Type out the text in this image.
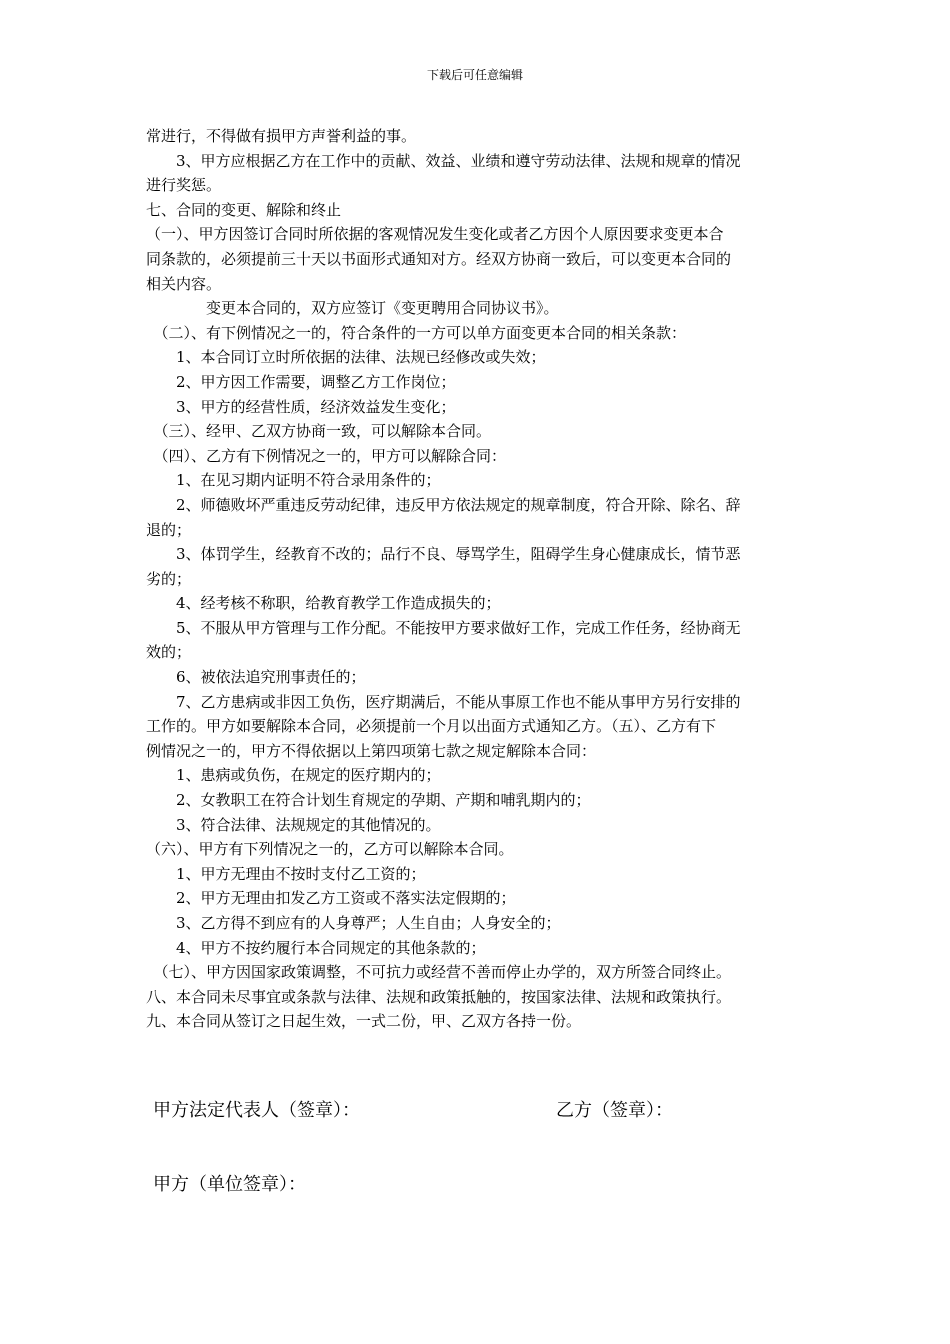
下载后可任意编辑
常进行，不得做有损甲方声誉利益的事。
　　3、甲方应根据乙方在工作中的贡献、效益、业绩和遵守劳动法律、法规和规章的情况
进行奖惩。
七、合同的变更、解除和终止
（一）、甲方因签订合同时所依据的客观情况发生变化或者乙方因个人原因要求变更本合
同条款的，必须提前三十天以书面形式通知对方。经双方协商一致后，可以变更本合同的
相关内容。
　　　　变更本合同的，双方应签订《变更聘用合同协议书》。
　（二）、有下例情况之一的，符合条件的一方可以单方面变更本合同的相关条款：
　　1、本合同订立时所依据的法律、法规已经修改或失效；
　　2、甲方因工作需要，调整乙方工作岗位；
　　3、甲方的经营性质，经济效益发生变化；
　（三）、经甲、乙双方协商一致，可以解除本合同。
　（四）、乙方有下例情况之一的，甲方可以解除合同：
　　1、在见习期内证明不符合录用条件的；
　　2、师德败坏严重违反劳动纪律，违反甲方依法规定的规章制度，符合开除、除名、辞
退的；
　　3、体罚学生，经教育不改的；品行不良、辱骂学生，阻碍学生身心健康成长，情节恶
劣的；
　　4、经考核不称职，给教育教学工作造成损失的；
　　5、不服从甲方管理与工作分配。不能按甲方要求做好工作，完成工作任务，经协商无
效的；
　　6、被依法追究刑事责任的；
　　7、乙方患病或非因工负伤，医疗期满后，不能从事原工作也不能从事甲方另行安排的
工作的。甲方如要解除本合同，必须提前一个月以出面方式通知乙方。（五）、乙方有下
例情况之一的，甲方不得依据以上第四项第七款之规定解除本合同：
　　1、患病或负伤，在规定的医疗期内的；
　　2、女教职工在符合计划生育规定的孕期、产期和哺乳期内的；
　　3、符合法律、法规规定的其他情况的。
（六）、甲方有下列情况之一的，乙方可以解除本合同。
　　1、甲方无理由不按时支付乙工资的；
　　2、甲方无理由扣发乙方工资或不落实法定假期的；
　　3、乙方得不到应有的人身尊严；人生自由；人身安全的；
　　4、甲方不按约履行本合同规定的其他条款的；
　（七）、甲方因国家政策调整，不可抗力或经营不善而停止办学的，双方所签合同终止。
八、本合同未尽事宜或条款与法律、法规和政策抵触的，按国家法律、法规和政策执行。
九、本合同从签订之日起生效，一式二份，甲、乙双方各持一份。
甲方法定代表人（签章）：	乙方（签章）：
甲方（单位签章）：
